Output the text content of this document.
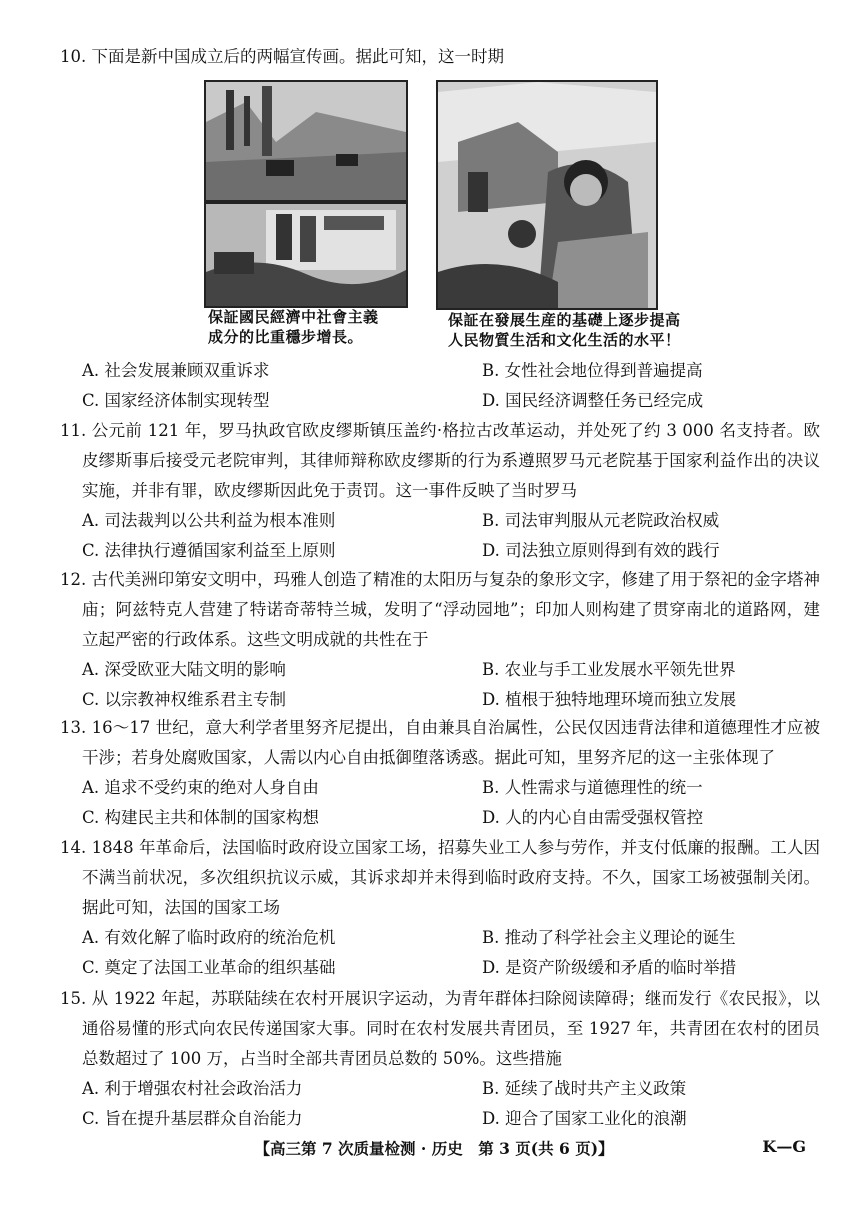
10. 下面是新中国成立后的两幅宣传画。据此可知，这一时期
保証國民經濟中社會主義
成分的比重穩步增長。
保証在發展生産的基礎上逐步提高
人民物質生活和文化生活的水平！
A. 社会发展兼顾双重诉求	B. 女性社会地位得到普遍提高
C. 国家经济体制实现转型	D. 国民经济调整任务已经完成
11. 公元前 121 年，罗马执政官欧皮缪斯镇压盖约·格拉古改革运动，并处死了约 3 000 名支持者。欧皮缪斯事后接受元老院审判，其律师辩称欧皮缪斯的行为系遵照罗马元老院基于国家利益作出的决议实施，并非有罪，欧皮缪斯因此免于责罚。这一事件反映了当时罗马
A. 司法裁判以公共利益为根本准则	B. 司法审判服从元老院政治权威
C. 法律执行遵循国家利益至上原则	D. 司法独立原则得到有效的践行
12. 古代美洲印第安文明中，玛雅人创造了精准的太阳历与复杂的象形文字，修建了用于祭祀的金字塔神庙；阿兹特克人营建了特诺奇蒂特兰城，发明了“浮动园地”；印加人则构建了贯穿南北的道路网，建立起严密的行政体系。这些文明成就的共性在于
A. 深受欧亚大陆文明的影响	B. 农业与手工业发展水平领先世界
C. 以宗教神权维系君主专制	D. 植根于独特地理环境而独立发展
13. 16～17 世纪，意大利学者里努齐尼提出，自由兼具自治属性，公民仅因违背法律和道德理性才应被干涉；若身处腐败国家，人需以内心自由抵御堕落诱惑。据此可知，里努齐尼的这一主张体现了
A. 追求不受约束的绝对人身自由	B. 人性需求与道德理性的统一
C. 构建民主共和体制的国家构想	D. 人的内心自由需受强权管控
14. 1848 年革命后，法国临时政府设立国家工场，招募失业工人参与劳作，并支付低廉的报酬。工人因不满当前状况，多次组织抗议示威，其诉求却并未得到临时政府支持。不久，国家工场被强制关闭。据此可知，法国的国家工场
A. 有效化解了临时政府的统治危机	B. 推动了科学社会主义理论的诞生
C. 奠定了法国工业革命的组织基础	D. 是资产阶级缓和矛盾的临时举措
15. 从 1922 年起，苏联陆续在农村开展识字运动，为青年群体扫除阅读障碍；继而发行《农民报》，以通俗易懂的形式向农民传递国家大事。同时在农村发展共青团员，至 1927 年，共青团在农村的团员总数超过了 100 万，占当时全部共青团员总数的 50%。这些措施
A. 利于增强农村社会政治活力	B. 延续了战时共产主义政策
C. 旨在提升基层群众自治能力	D. 迎合了国家工业化的浪潮
【高三第 7 次质量检测 · 历史　第 3 页(共 6 页)】	K—G
